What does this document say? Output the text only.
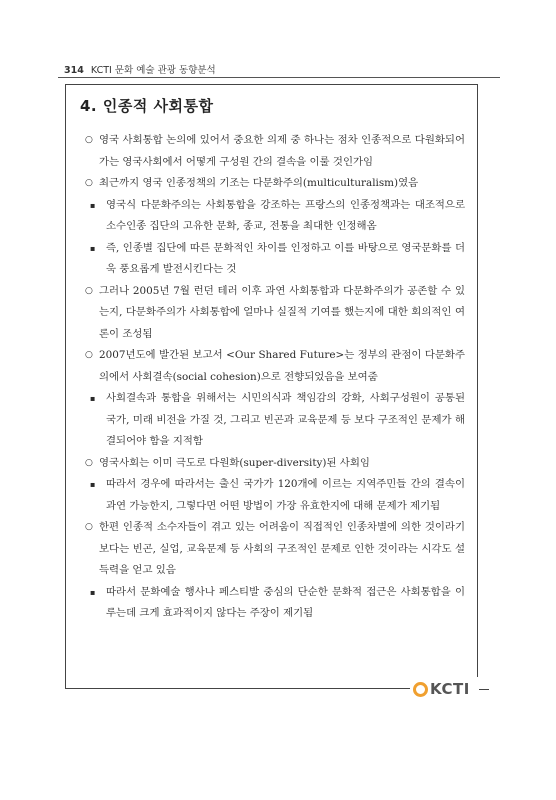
314 KCTI 문화 예술 관광 동향분석
4. 인종적 사회통합
○ 영국 사회통합 논의에 있어서 중요한 의제 중 하나는 점차 인종적으로 다원화되어가는 영국사회에서 어떻게 구성원 간의 결속을 이룰 것인가임
○ 최근까지 영국 인종정책의 기조는 다문화주의(multiculturalism)였음
▪ 영국식 다문화주의는 사회통합을 강조하는 프랑스의 인종정책과는 대조적으로 소수인종 집단의 고유한 문화, 종교, 전통을 최대한 인정해옴
▪ 즉, 인종별 집단에 따른 문화적인 차이를 인정하고 이를 바탕으로 영국문화를 더욱 풍요롭게 발전시킨다는 것
○ 그러나 2005년 7월 런던 테러 이후 과연 사회통합과 다문화주의가 공존할 수 있는지, 다문화주의가 사회통합에 얼마나 실질적 기여를 했는지에 대한 회의적인 여론이 조성됨
○ 2007년도에 발간된 보고서 <Our Shared Future>는 정부의 관점이 다문화주의에서 사회결속(social cohesion)으로 전향되었음을 보여줌
▪ 사회결속과 통합을 위해서는 시민의식과 책임감의 강화, 사회구성원이 공통된 국가, 미래 비전을 가질 것, 그리고 빈곤과 교육문제 등 보다 구조적인 문제가 해결되어야 함을 지적함
○ 영국사회는 이미 극도로 다원화(super-diversity)된 사회임
▪ 따라서 경우에 따라서는 출신 국가가 120개에 이르는 지역주민들 간의 결속이 과연 가능한지, 그렇다면 어떤 방법이 가장 유효한지에 대해 문제가 제기됨
○ 한편 인종적 소수자들이 겪고 있는 어려움이 직접적인 인종차별에 의한 것이라기보다는 빈곤, 실업, 교육문제 등 사회의 구조적인 문제로 인한 것이라는 시각도 설득력을 얻고 있음
▪ 따라서 문화예술 행사나 페스티발 중심의 단순한 문화적 접근은 사회통합을 이루는데 크게 효과적이지 않다는 주장이 제기됨
KCTI
